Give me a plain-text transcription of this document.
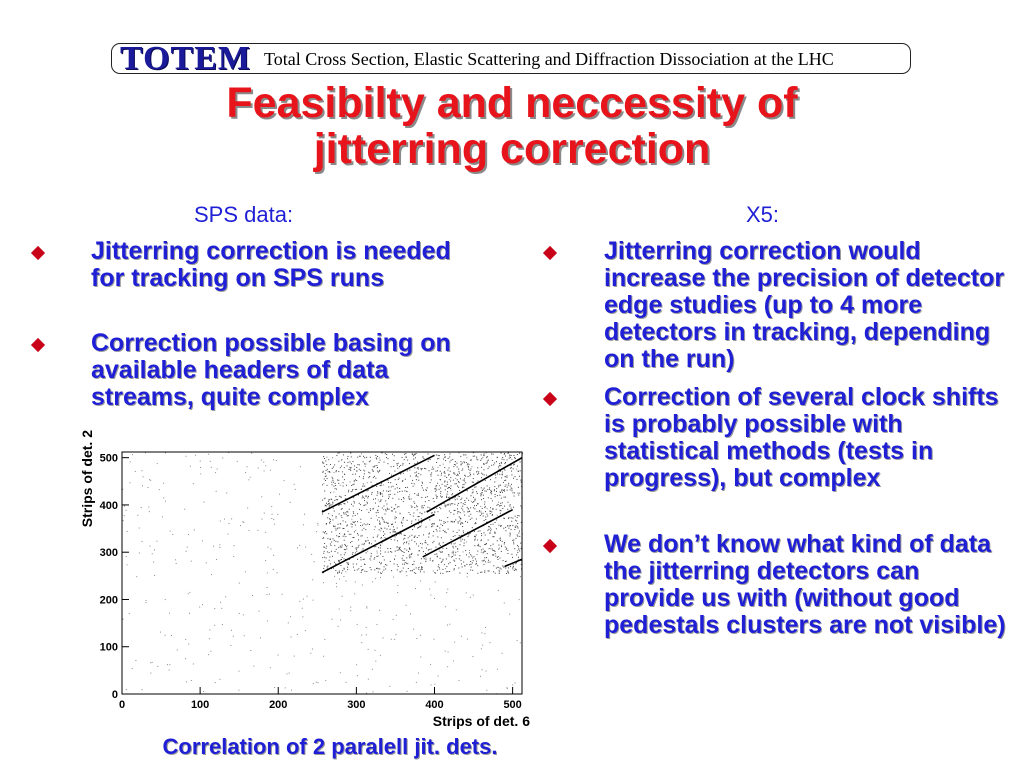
TOTEM Total Cross Section, Elastic Scattering and Diffraction Dissociation at the LHC
Feasibilty and neccessity of
jitterring correction
SPS data:
Jitterring correction is needed for tracking on SPS runs
Correction possible basing on available headers of data streams, quite complex
X5:
Jitterring correction would increase the precision of detector edge studies (up to 4 more detectors in tracking, depending on the run)
Correction of several clock shifts is probably possible with statistical methods (tests in progress), but complex
We don’t know what kind of data the jitterring detectors can provide us with (without good pedestals clusters are not visible)
0	100	200	300	400	500
0
100
200
300
400
500
Strips of det. 6
Strips of det. 2
Correlation of 2 paralell jit. dets.
